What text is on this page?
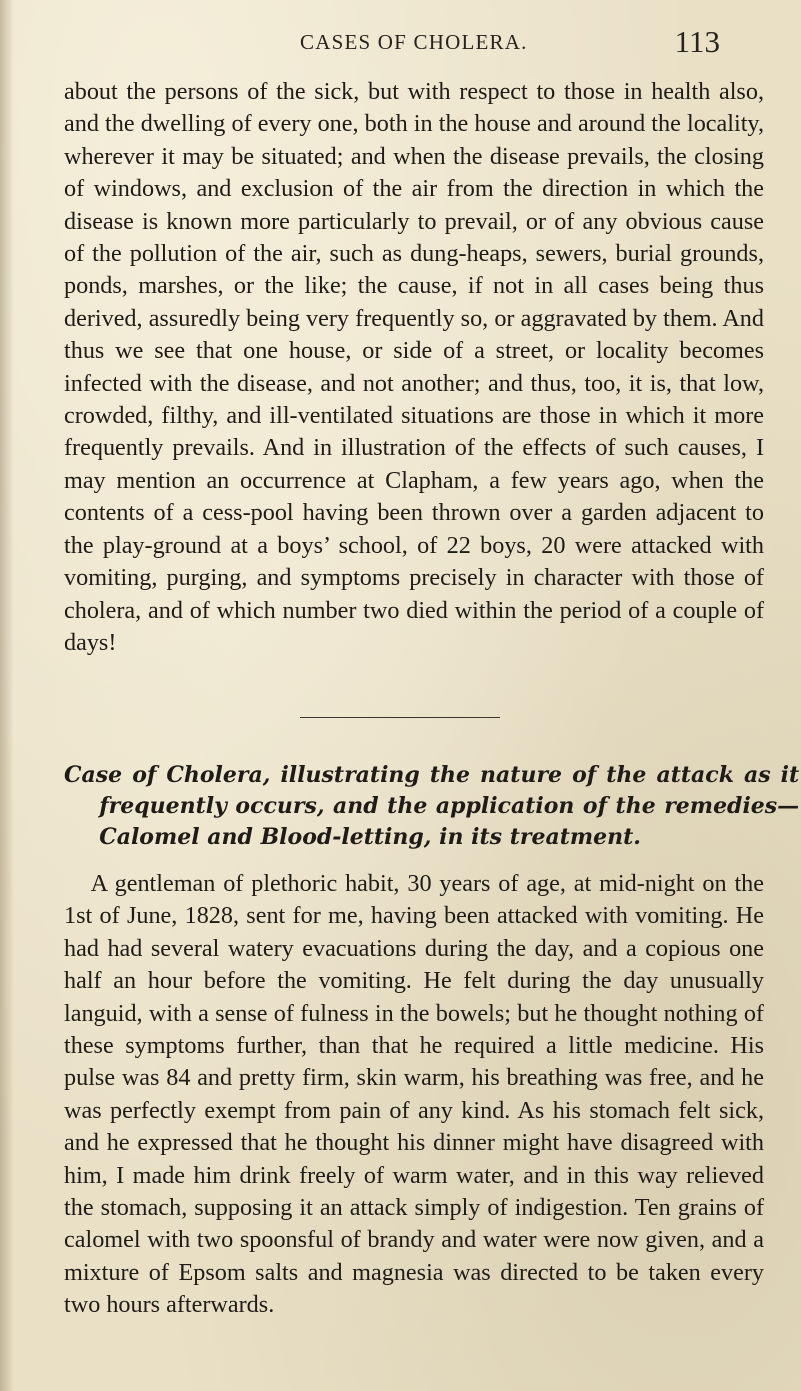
CASES OF CHOLERA.	113

about the persons of the sick, but with respect to those in health also, and the dwelling of every one, both in the house and around the locality, wherever it may be situated; and when the disease prevails, the closing of windows, and exclusion of the air from the direction in which the disease is known more particularly to prevail, or of any obvious cause of the pollution of the air, such as dung-heaps, sewers, burial grounds, ponds, marshes, or the like; the cause, if not in all cases being thus derived, assuredly being very frequently so, or aggravated by them. And thus we see that one house, or side of a street, or locality becomes infected with the disease, and not another; and thus, too, it is, that low, crowded, filthy, and ill-ventilated situations are those in which it more frequently prevails. And in illustration of the effects of such causes, I may mention an occurrence at Clapham, a few years ago, when the contents of a cess-pool having been thrown over a garden adjacent to the play-ground at a boys’ school, of 22 boys, 20 were attacked with vomiting, purging, and symptoms precisely in character with those of cholera, and of which number two died within the period of a couple of days!

Case of Cholera, illustrating the nature of the attack as it frequently occurs, and the application of the remedies—Calomel and Blood-letting, in its treatment.

A gentleman of plethoric habit, 30 years of age, at mid-night on the 1st of June, 1828, sent for me, having been attacked with vomiting. He had had several watery evacuations during the day, and a copious one half an hour before the vomiting. He felt during the day unusually languid, with a sense of fulness in the bowels; but he thought nothing of these symptoms further, than that he required a little medicine. His pulse was 84 and pretty firm, skin warm, his breathing was free, and he was perfectly exempt from pain of any kind. As his stomach felt sick, and he expressed that he thought his dinner might have disagreed with him, I made him drink freely of warm water, and in this way relieved the stomach, supposing it an attack simply of indigestion. Ten grains of calomel with two spoonsful of brandy and water were now given, and a mixture of Epsom salts and magnesia was directed to be taken every two hours afterwards.
